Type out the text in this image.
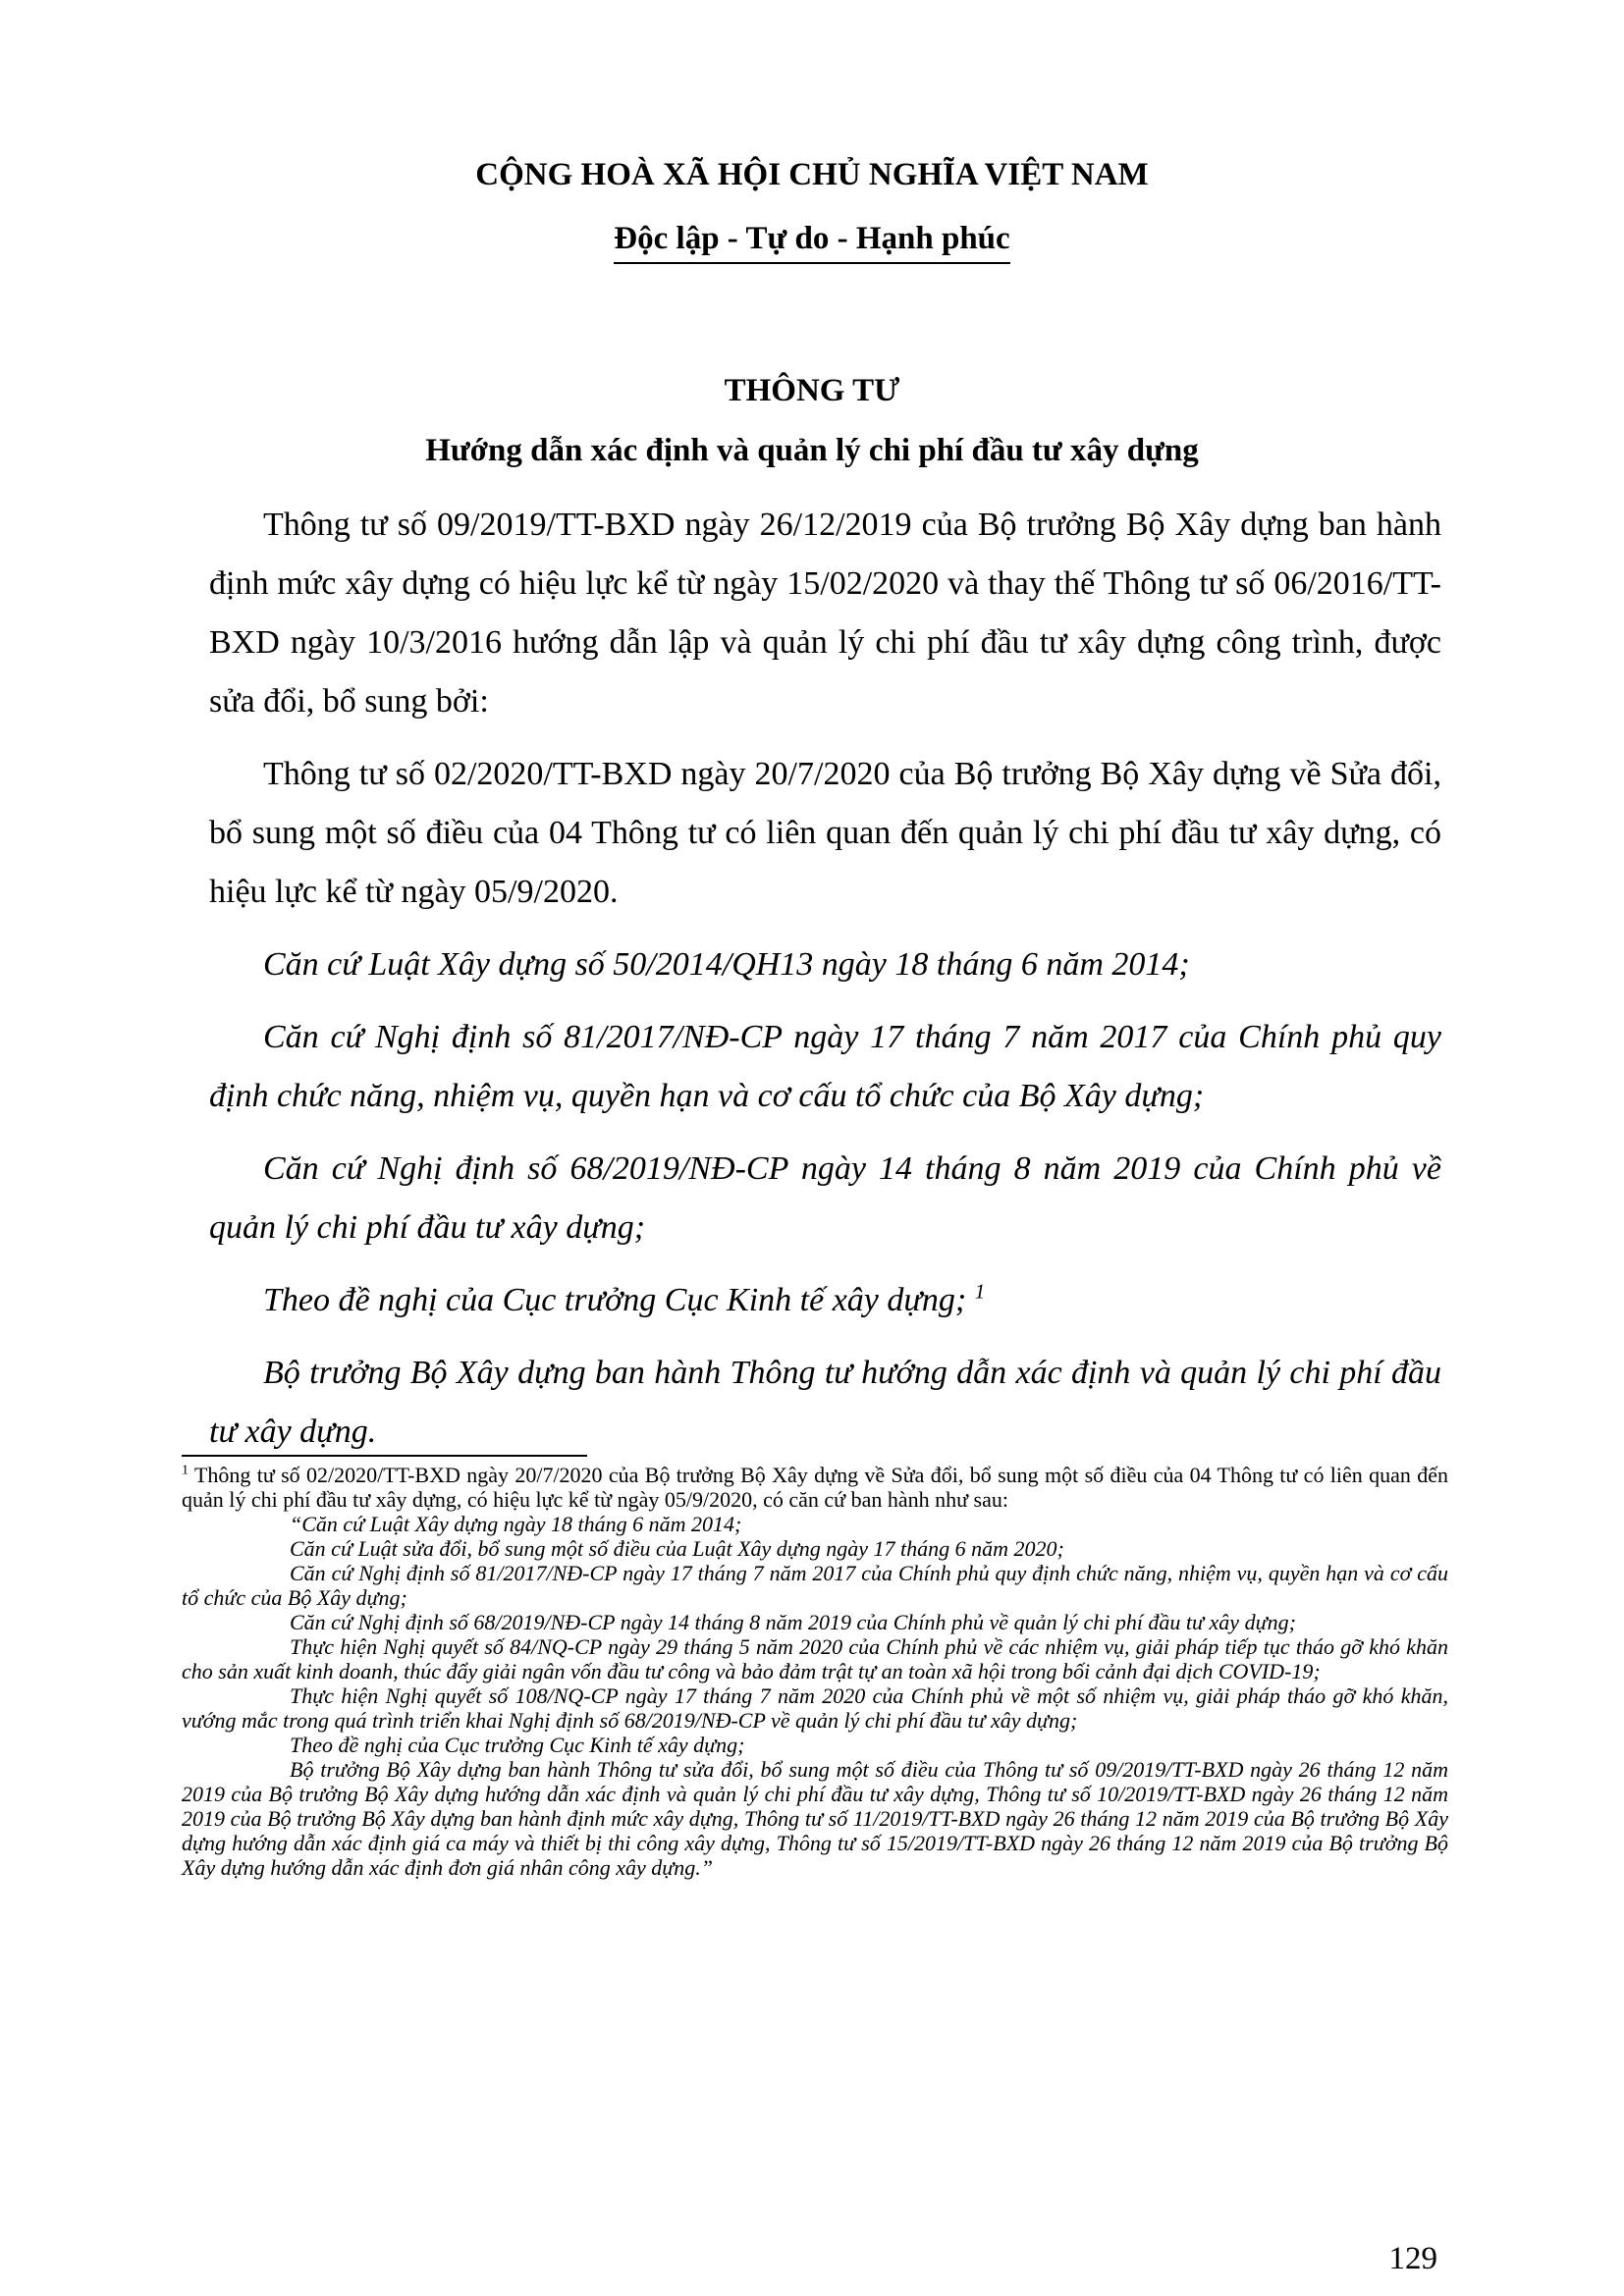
CỘNG HOÀ XÃ HỘI CHỦ NGHĨA VIỆT NAM
Độc lập - Tự do - Hạnh phúc
THÔNG TƯ
Hướng dẫn xác định và quản lý chi phí đầu tư xây dựng

Thông tư số 09/2019/TT-BXD ngày 26/12/2019 của Bộ trưởng Bộ Xây dựng ban hành định mức xây dựng có hiệu lực kể từ ngày 15/02/2020 và thay thế Thông tư số 06/2016/TT-BXD ngày 10/3/2016 hướng dẫn lập và quản lý chi phí đầu tư xây dựng công trình, được sửa đổi, bổ sung bởi:

Thông tư số 02/2020/TT-BXD ngày 20/7/2020 của Bộ trưởng Bộ Xây dựng về Sửa đổi, bổ sung một số điều của 04 Thông tư có liên quan đến quản lý chi phí đầu tư xây dựng, có hiệu lực kể từ ngày 05/9/2020.

Căn cứ Luật Xây dựng số 50/2014/QH13 ngày 18 tháng 6 năm 2014;

Căn cứ Nghị định số 81/2017/NĐ-CP ngày 17 tháng 7 năm 2017 của Chính phủ quy định chức năng, nhiệm vụ, quyền hạn và cơ cấu tổ chức của Bộ Xây dựng;

Căn cứ Nghị định số 68/2019/NĐ-CP ngày 14 tháng 8 năm 2019 của Chính phủ về quản lý chi phí đầu tư xây dựng;

Theo đề nghị của Cục trưởng Cục Kinh tế xây dựng; $^1$

Bộ trưởng Bộ Xây dựng ban hành Thông tư hướng dẫn xác định và quản lý chi phí đầu tư xây dựng.

$^1$ Thông tư số 02/2020/TT-BXD ngày 20/7/2020 của Bộ trưởng Bộ Xây dựng về Sửa đổi, bổ sung một số điều của 04 Thông tư có liên quan đến quản lý chi phí đầu tư xây dựng, có hiệu lực kể từ ngày 05/9/2020, có căn cứ ban hành như sau:

“Căn cứ Luật Xây dựng ngày 18 tháng 6 năm 2014;

Căn cứ Luật sửa đổi, bổ sung một số điều của Luật Xây dựng ngày 17 tháng 6 năm 2020;

Căn cứ Nghị định số 81/2017/NĐ-CP ngày 17 tháng 7 năm 2017 của Chính phủ quy định chức năng, nhiệm vụ, quyền hạn và cơ cấu tổ chức của Bộ Xây dựng;

Căn cứ Nghị định số 68/2019/NĐ-CP ngày 14 tháng 8 năm 2019 của Chính phủ về quản lý chi phí đầu tư xây dựng;

Thực hiện Nghị quyết số 84/NQ-CP ngày 29 tháng 5 năm 2020 của Chính phủ về các nhiệm vụ, giải pháp tiếp tục tháo gỡ khó khăn cho sản xuất kinh doanh, thúc đẩy giải ngân vốn đầu tư công và bảo đảm trật tự an toàn xã hội trong bối cảnh đại dịch COVID-19;

Thực hiện Nghị quyết số 108/NQ-CP ngày 17 tháng 7 năm 2020 của Chính phủ về một số nhiệm vụ, giải pháp tháo gỡ khó khăn, vướng mắc trong quá trình triển khai Nghị định số 68/2019/NĐ-CP về quản lý chi phí đầu tư xây dựng;

Theo đề nghị của Cục trưởng Cục Kinh tế xây dựng;

Bộ trưởng Bộ Xây dựng ban hành Thông tư sửa đổi, bổ sung một số điều của Thông tư số 09/2019/TT-BXD ngày 26 tháng 12 năm 2019 của Bộ trưởng Bộ Xây dựng hướng dẫn xác định và quản lý chi phí đầu tư xây dựng, Thông tư số 10/2019/TT-BXD ngày 26 tháng 12 năm 2019 của Bộ trưởng Bộ Xây dựng ban hành định mức xây dựng, Thông tư số 11/2019/TT-BXD ngày 26 tháng 12 năm 2019 của Bộ trưởng Bộ Xây dựng hướng dẫn xác định giá ca máy và thiết bị thi công xây dựng, Thông tư số 15/2019/TT-BXD ngày 26 tháng 12 năm 2019 của Bộ trưởng Bộ Xây dựng hướng dẫn xác định đơn giá nhân công xây dựng.”

129
